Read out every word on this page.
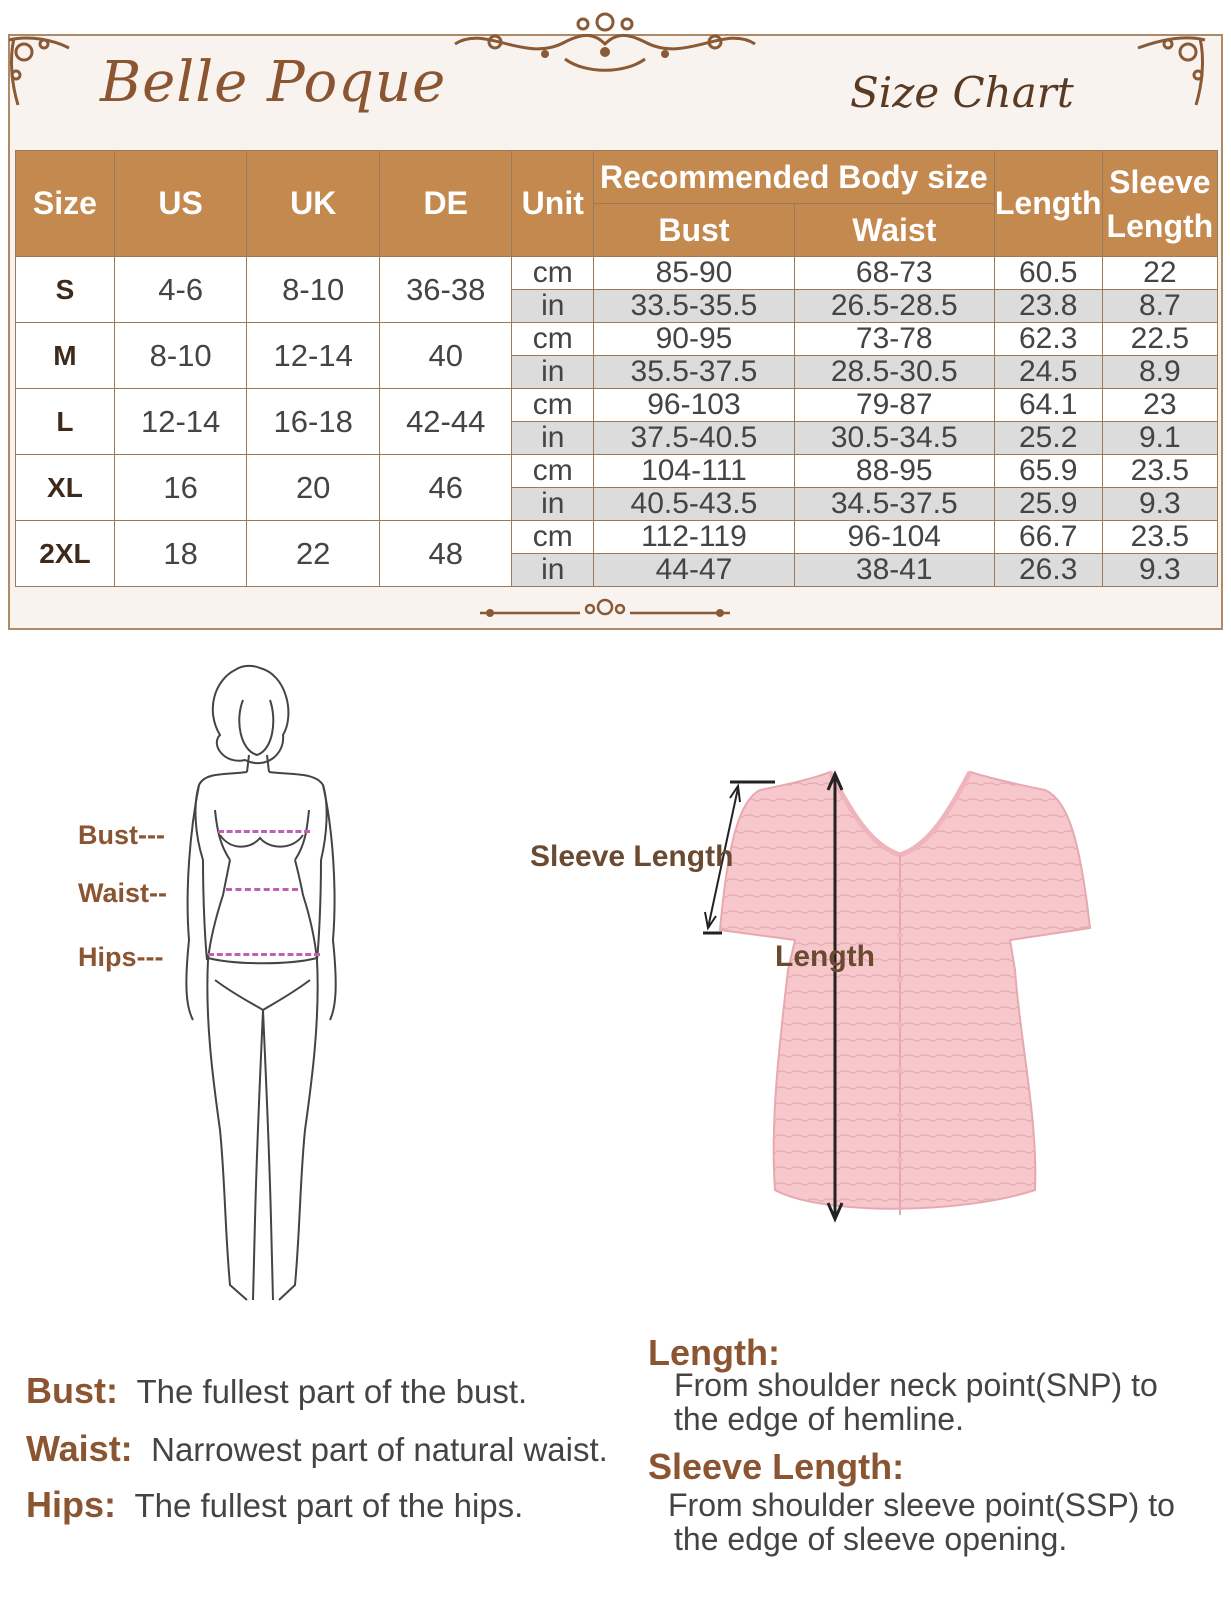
Belle Poque	Size Chart
Size	US	UK	DE	Unit	Recommended Body size		Length	Sleeve
Length

					Bust	Waist		
S	4-6	8-10	36-38	cm	85-90	68-73	60.5	22
				in	33.5-35.5	26.5-28.5	23.8	8.7
M	8-10	12-14	40	cm	90-95	73-78	62.3	22.5
				in	35.5-37.5	28.5-30.5	24.5	8.9
L	12-14	16-18	42-44	cm	96-103	79-87	64.1	23
				in	37.5-40.5	30.5-34.5	25.2	9.1
XL	16	20	46	cm	104-111	88-95	65.9	23.5
				in	40.5-43.5	34.5-37.5	25.9	9.3
2XL	18	22	48	cm	112-119	96-104	66.7	23.5
				in	44-47	38-41	26.3	9.3
Bust---
Waist--
Hips---
Sleeve Length
Length
Bust: The fullest part of the bust.
Waist: Narrowest part of natural waist.
Hips: The fullest part of the hips.
Length:
From shoulder neck point(SNP) to
the edge of hemline.
Sleeve Length:
From shoulder sleeve point(SSP) to
the edge of sleeve opening.
